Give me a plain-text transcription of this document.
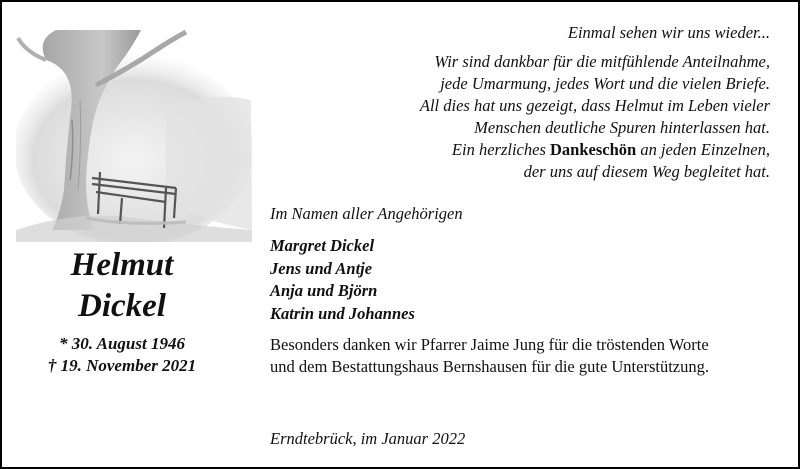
Helmut
Dickel
* 30. August 1946
† 19. November 2021
Einmal sehen wir uns wieder...
Wir sind dankbar für die mitfühlende Anteilnahme,
jede Umarmung, jedes Wort und die vielen Briefe.
All dies hat uns gezeigt, dass Helmut im Leben vieler
Menschen deutliche Spuren hinterlassen hat.
Ein herzliches Dankeschön an jeden Einzelnen,
der uns auf diesem Weg begleitet hat.
Im Namen aller Angehörigen
Margret Dickel
Jens und Antje
Anja und Björn
Katrin und Johannes
Besonders danken wir Pfarrer Jaime Jung für die tröstenden Worte
und dem Bestattungshaus Bernshausen für die gute Unterstützung.
Erndtebrück, im Januar 2022
